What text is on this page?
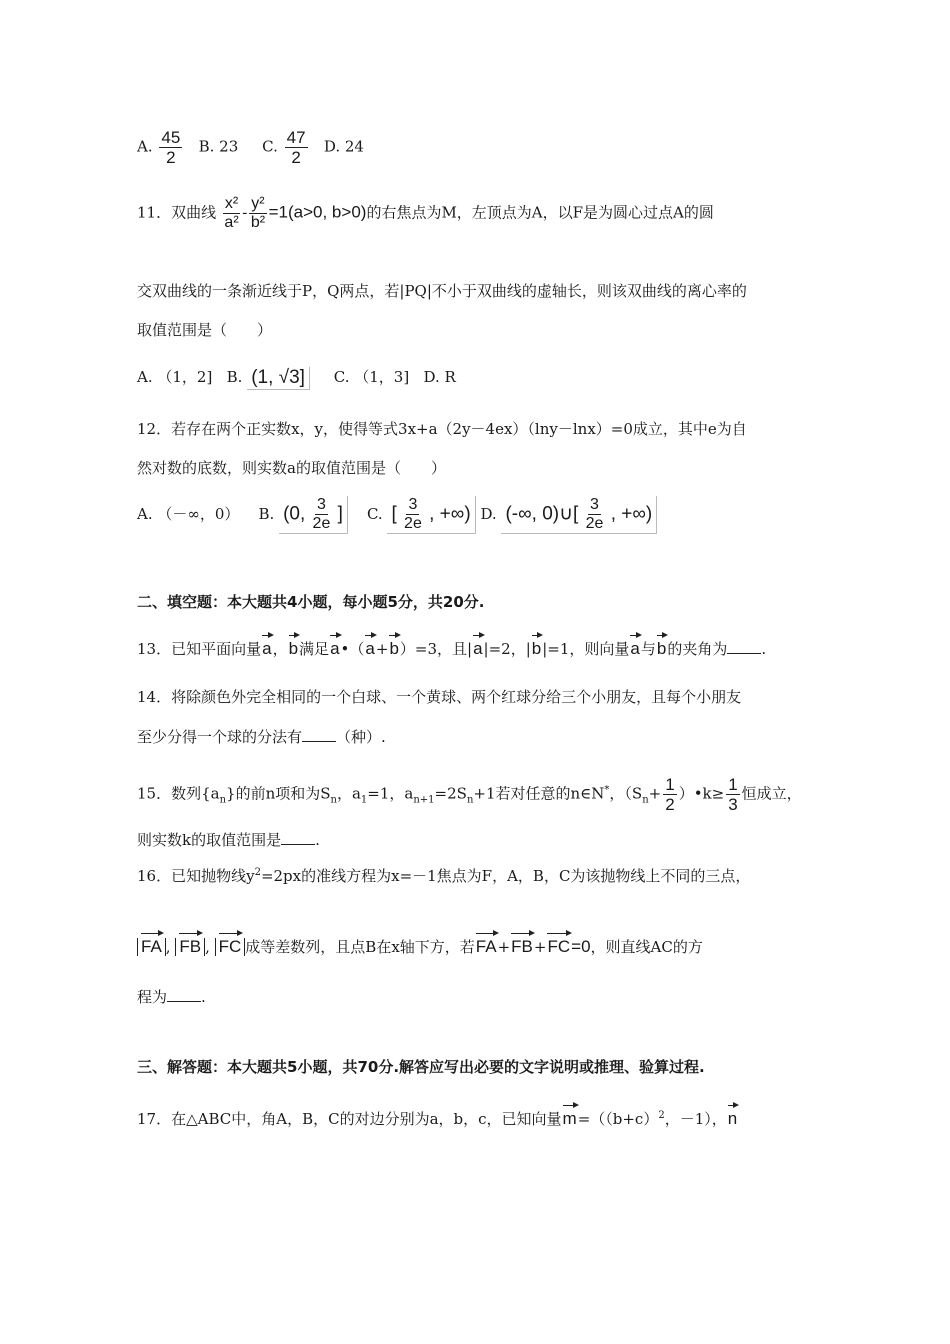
A. $\frac{45}{2} B$. 23 C. $\frac{47}{2} D$. 24
11．双曲线 $\frac{\text{x²}}{\text{a²}} - \frac{\text{y²}}{\text{b²}} =1(a>0$, b>0)的右焦点为M，左顶点为A，以F是为圆心过点A的圆
交双曲线的一条渐近线于P，Q两点，若|PQ|不小于双曲线的虚轴长，则该双曲线的离心率的
取值范围是（　　）
A. （1，2] B. (1, √3] C. （1，3] D. R
12．若存在两个正实数x，y，使得等式3x+a（2y－4ex）（lny－lnx）=0成立，其中e为自
然对数的底数，则实数a的取值范围是（　　）
A. （－∞，0） B. (0, $\frac{3}{2e}$ ] C. [ $\frac{3}{2e}$ , +∞) D. (-∞, 0)∪[ $\frac{3}{2e}$ , +∞)
二、填空题：本大题共4小题，每小题5分，共20分.
13．已知平面向量a，b满足a•（a+b）=3，且|a|=2，|b|=1，则向量a与b的夹角为 .
14．将除颜色外完全相同的一个白球、一个黄球、两个红球分给三个小朋友，且每个小朋友
至少分得一个球的分法有 （种）.
15．数列$\{a_n\}$的前n项和为$S_n$，$a_1=1$，$a_{n+1}=2S_n+1$若对任意的n∈N*，（$S_n+ \frac{1}{2}$ ）•k≥ $\frac{1}{3}$ 恒成立，
则实数k的取值范围是 .
16．已知抛物线$y^2=2px$的准线方程为x=－1焦点为F，A，B，C为该抛物线上不同的三点，
FA , FB , FC 成等差数列，且点B在x轴下方，若FA+FB+FC=0，则直线AC的方
程为 .
三、解答题：本大题共5小题，共70分.解答应写出必要的文字说明或推理、验算过程.
17．在△ABC中，角A，B，C的对边分别为a，b，c，已知向量$m=((b+c)^2$，－1），n
